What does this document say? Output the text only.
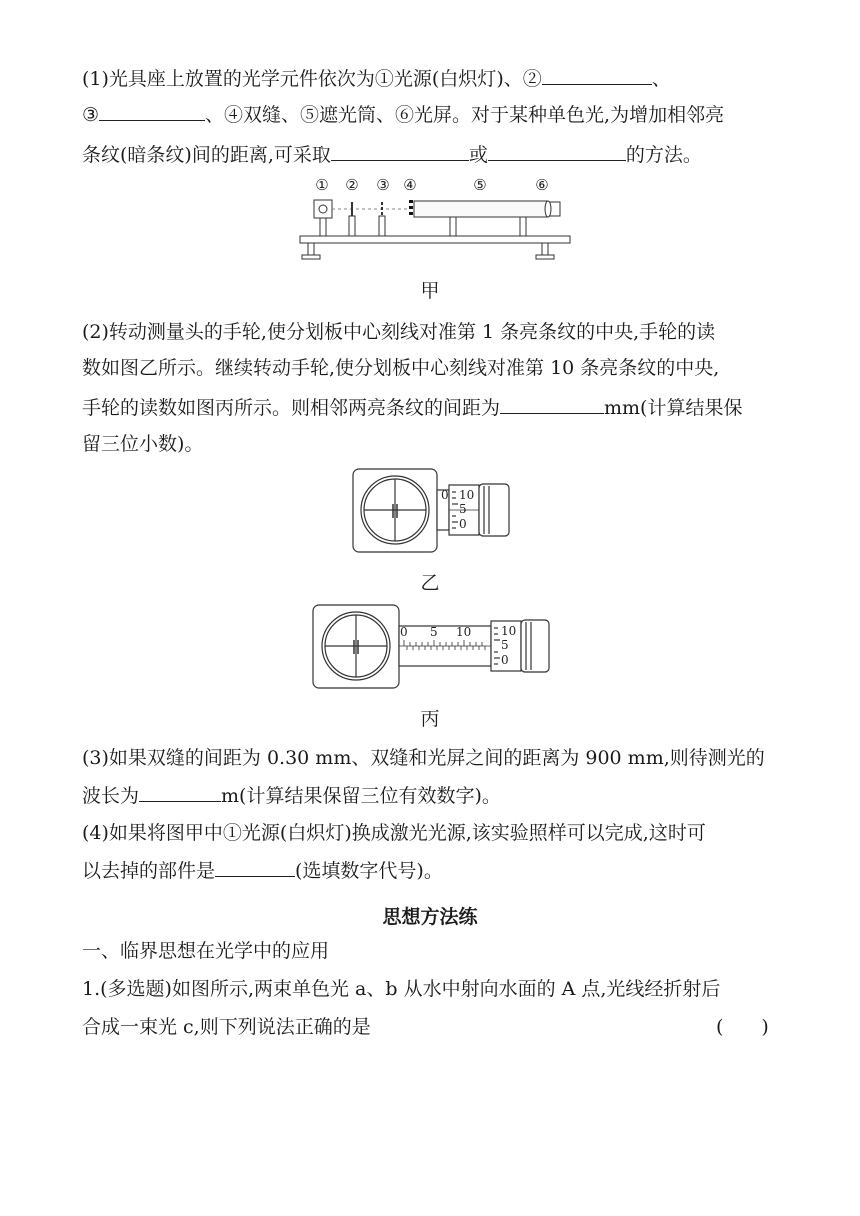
(1)光具座上放置的光学元件依次为①光源(白炽灯)、②	、
③	、④双缝、⑤遮光筒、⑥光屏。对于某种单色光,为增加相邻亮
条纹(暗条纹)间的距离,可采取	或	的方法。
① ② ③ ④	⑤	⑥
甲
(2)转动测量头的手轮,使分划板中心刻线对准第 1 条亮条纹的中央,手轮的读
数如图乙所示。继续转动手轮,使分划板中心刻线对准第 10 条亮条纹的中央,
手轮的读数如图丙所示。则相邻两亮条纹的间距为	mm(计算结果保
留三位小数)。
0 10
5
0
乙
0 5 10 10
5
0
丙
(3)如果双缝的间距为 0.30 mm、双缝和光屏之间的距离为 900 mm,则待测光的
波长为	m(计算结果保留三位有效数字)。
(4)如果将图甲中①光源(白炽灯)换成激光光源,该实验照样可以完成,这时可
以去掉的部件是	(选填数字代号)。
思想方法练
一、临界思想在光学中的应用
1.(多选题)如图所示,两束单色光 a、b 从水中射向水面的 A 点,光线经折射后
合成一束光 c,则下列说法正确的是	(　　)
